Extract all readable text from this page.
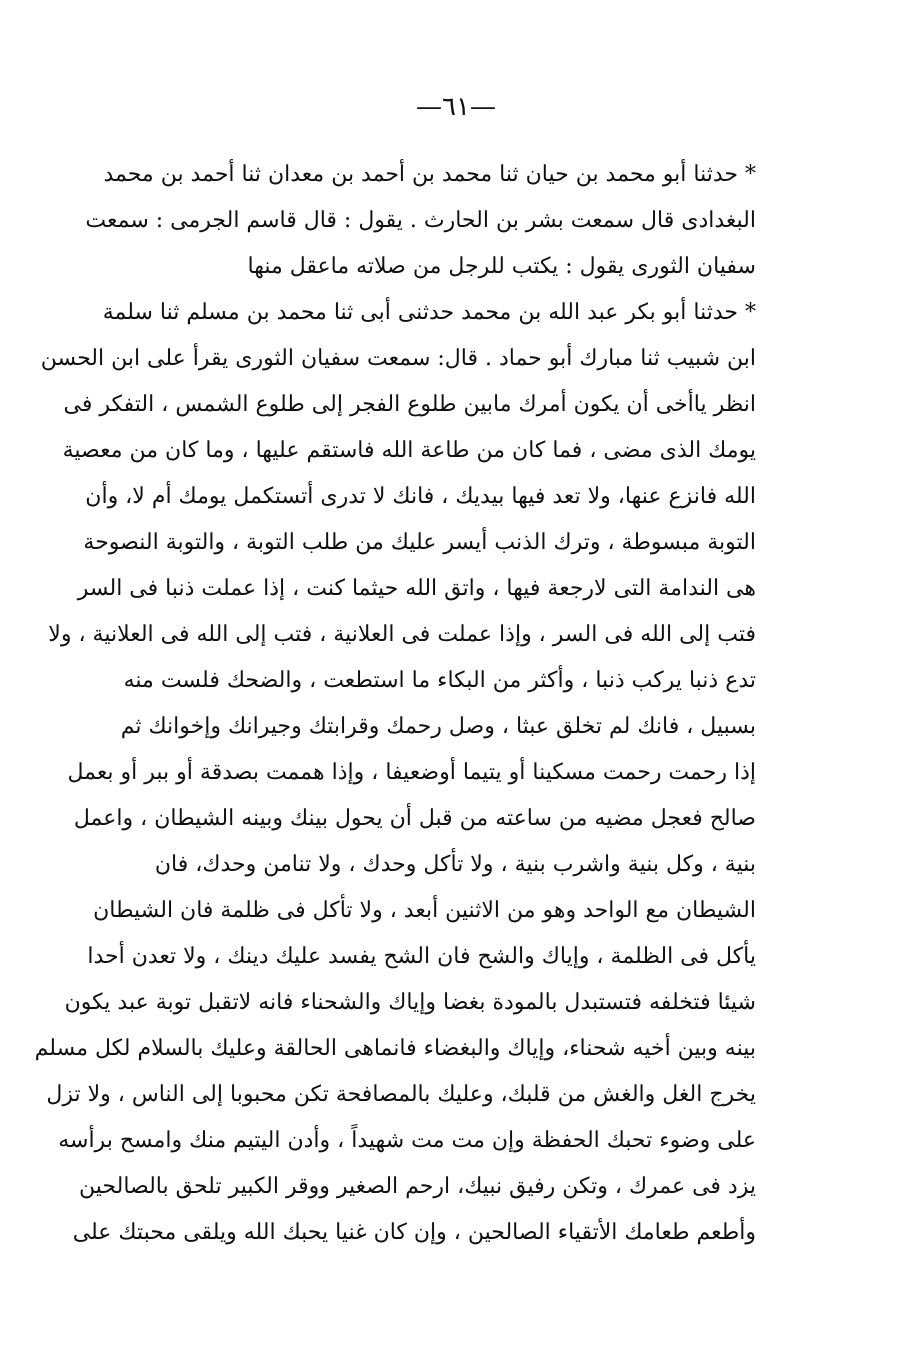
—٦١—
* حدثنا أبو محمد بن حيان ثنا محمد بن أحمد بن معدان ثنا أحمد بن محمد
البغدادى قال سمعت بشر بن الحارث . يقول : قال قاسم الجرمى : سمعت
سفيان الثورى يقول : يكتب للرجل من صلاته ماعقل منها
* حدثنا أبو بكر عبد الله بن محمد حدثنى أبى ثنا محمد بن مسلم ثنا سلمة
ابن شبيب ثنا مبارك أبو حماد . قال: سمعت سفيان الثورى يقرأ على ابن الحسن
انظر ياأخى أن يكون أمرك مابين طلوع الفجر إلى طلوع الشمس ، التفكر فى
يومك الذى مضى ، فما كان من طاعة الله فاستقم عليها ، وما كان من معصية
الله فانزع عنها، ولا تعد فيها بيديك ، فانك لا تدرى أتستكمل يومك أم لا، وأن
التوبة مبسوطة ، وترك الذنب أيسر عليك من طلب التوبة ، والتوبة النصوحة
هى الندامة التى لارجعة فيها ، واتق الله حيثما كنت ، إذا عملت ذنبا فى السر
فتب إلى الله فى السر ، وإذا عملت فى العلانية ، فتب إلى الله فى العلانية ، ولا
تدع ذنبا يركب ذنبا ، وأكثر من البكاء ما استطعت ، والضحك فلست منه
بسبيل ، فانك لم تخلق عبثا ، وصل رحمك وقرابتك وجيرانك وإخوانك ثم
إذا رحمت رحمت مسكينا أو يتيما أوضعيفا ، وإذا هممت بصدقة أو ببر أو بعمل
صالح فعجل مضيه من ساعته من قبل أن يحول بينك وبينه الشيطان ، واعمل
بنية ، وكل بنية واشرب بنية ، ولا تأكل وحدك ، ولا تنامن وحدك، فان
الشيطان مع الواحد وهو من الاثنين أبعد ، ولا تأكل فى ظلمة فان الشيطان
يأكل فى الظلمة ، وإياك والشح فان الشح يفسد عليك دينك ، ولا تعدن أحدا
شيئا فتخلفه فتستبدل بالمودة بغضا وإياك والشحناء فانه لاتقبل توبة عبد يكون
بينه وبين أخيه شحناء، وإياك والبغضاء فانماهى الحالقة وعليك بالسلام لكل مسلم
يخرج الغل والغش من قلبك، وعليك بالمصافحة تكن محبوبا إلى الناس ، ولا تزل
على وضوء تحبك الحفظة وإن مت مت شهيداً ، وأدن اليتيم منك وامسح برأسه
يزد فى عمرك ، وتكن رفيق نبيك، ارحم الصغير ووقر الكبير تلحق بالصالحين
وأطعم طعامك الأتقياء الصالحين ، وإن كان غنيا يحبك الله ويلقى محبتك على
